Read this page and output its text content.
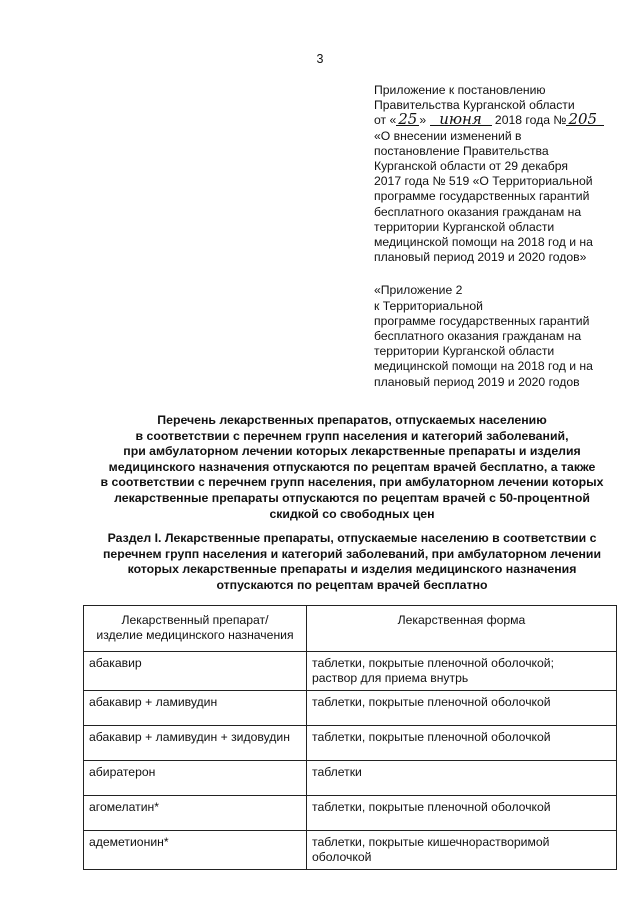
3

Приложение к постановлению

Правительства Курганской области

от « 25 » июня 2018 года № 205

«О внесении изменений в

постановление Правительства

Курганской области от 29 декабря

2017 года № 519 «О Территориальной

программе государственных гарантий

бесплатного оказания гражданам на

территории Курганской области

медицинской помощи на 2018 год и на

плановый период 2019 и 2020 годов»

«Приложение 2

к Территориальной

программе государственных гарантий

бесплатного оказания гражданам на

территории Курганской области

медицинской помощи на 2018 год и на

плановый период 2019 и 2020 годов

Перечень лекарственных препаратов, отпускаемых населению

в соответствии с перечнем групп населения и категорий заболеваний,

при амбулаторном лечении которых лекарственные препараты и изделия

медицинского назначения отпускаются по рецептам врачей бесплатно, а также

в соответствии с перечнем групп населения, при амбулаторном лечении которых

лекарственные препараты отпускаются по рецептам врачей с 50-процентной

скидкой со свободных цен

Раздел I. Лекарственные препараты, отпускаемые населению в соответствии с

перечнем групп населения и категорий заболеваний, при амбулаторном лечении

которых лекарственные препараты и изделия медицинского назначения

отпускаются по рецептам врачей бесплатно

Лекарственный препарат/
изделие медицинского назначения	Лекарственная форма

абакавир	таблетки, покрытые пленочной оболочкой;
раствор для приема внутрь

абакавир + ламивудин	таблетки, покрытые пленочной оболочкой

абакавир + ламивудин + зидовудин	таблетки, покрытые пленочной оболочкой

абиратерон	таблетки

агомелатин*	таблетки, покрытые пленочной оболочкой

адеметионин*	таблетки, покрытые кишечнорастворимой
оболочкой
